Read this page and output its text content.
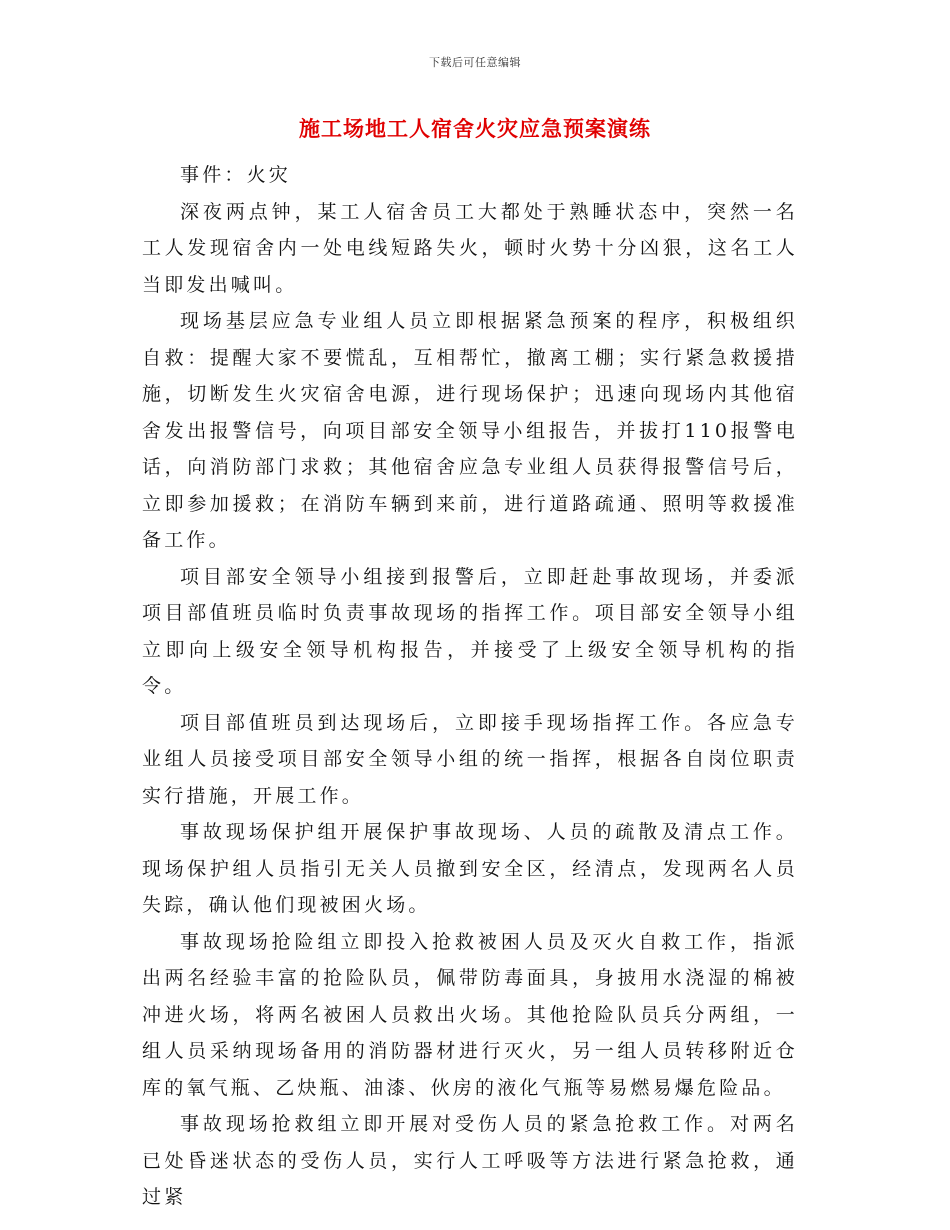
下载后可任意编辑
施工场地工人宿舍火灾应急预案演练

事件：火灾

深夜两点钟，某工人宿舍员工大都处于熟睡状态中，突然一名工人发现宿舍内一处电线短路失火，顿时火势十分凶狠，这名工人当即发出喊叫。

现场基层应急专业组人员立即根据紧急预案的程序，积极组织自救：提醒大家不要慌乱，互相帮忙，撤离工棚；实行紧急救援措施，切断发生火灾宿舍电源，进行现场保护；迅速向现场内其他宿舍发出报警信号，向项目部安全领导小组报告，并拔打110报警电话，向消防部门求救；其他宿舍应急专业组人员获得报警信号后，立即参加援救；在消防车辆到来前，进行道路疏通、照明等救援准备工作。

项目部安全领导小组接到报警后，立即赶赴事故现场，并委派项目部值班员临时负责事故现场的指挥工作。项目部安全领导小组立即向上级安全领导机构报告，并接受了上级安全领导机构的指令。

项目部值班员到达现场后，立即接手现场指挥工作。各应急专业组人员接受项目部安全领导小组的统一指挥，根据各自岗位职责实行措施，开展工作。

事故现场保护组开展保护事故现场、人员的疏散及清点工作。现场保护组人员指引无关人员撤到安全区，经清点，发现两名人员失踪，确认他们现被困火场。

事故现场抢险组立即投入抢救被困人员及灭火自救工作，指派出两名经验丰富的抢险队员，佩带防毒面具，身披用水浇湿的棉被冲进火场，将两名被困人员救出火场。其他抢险队员兵分两组，一组人员采纳现场备用的消防器材进行灭火，另一组人员转移附近仓库的氧气瓶、乙炔瓶、油漆、伙房的液化气瓶等易燃易爆危险品。

事故现场抢救组立即开展对受伤人员的紧急抢救工作。对两名已处昏迷状态的受伤人员，实行人工呼吸等方法进行紧急抢救，通过紧
